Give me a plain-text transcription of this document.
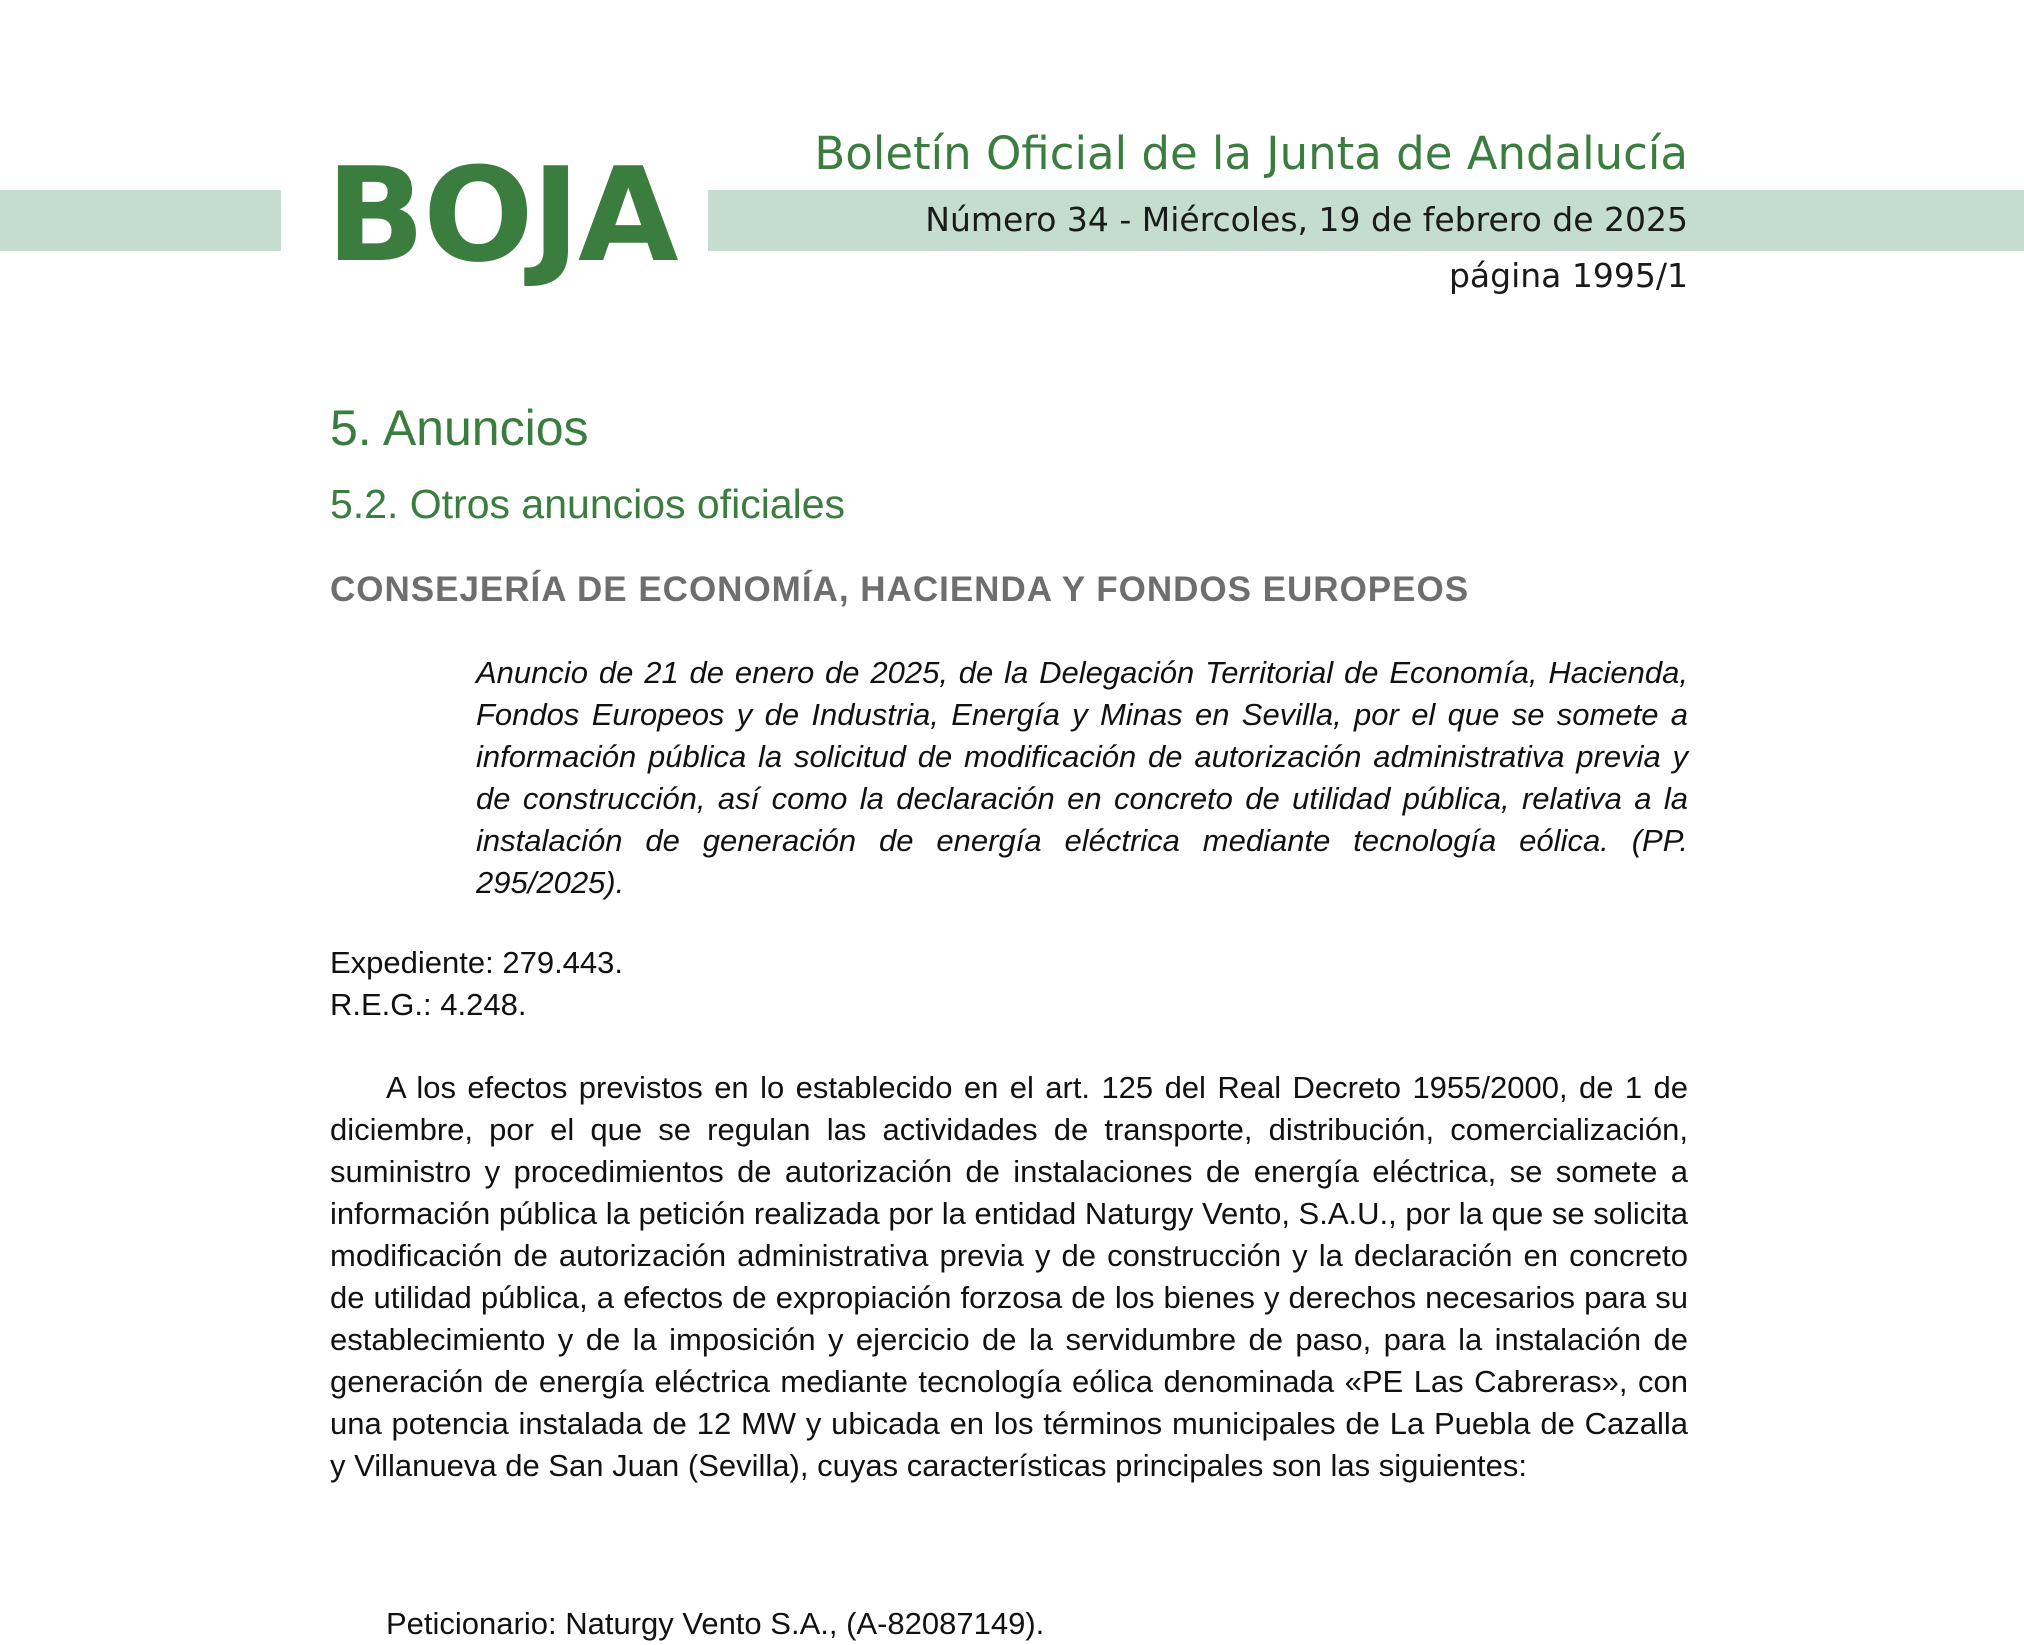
BOJA	Boletín Oficial de la Junta de Andalucía
Número 34 - Miércoles, 19 de febrero de 2025
página 1995/1
5. Anuncios
5.2. Otros anuncios oficiales
CONSEJERÍA DE ECONOMÍA, HACIENDA Y FONDOS EUROPEOS

Anuncio de 21 de enero de 2025, de la Delegación Territorial de Economía, Hacienda, Fondos Europeos y de Industria, Energía y Minas en Sevilla, por el que se somete a información pública la solicitud de modificación de autorización administrativa previa y de construcción, así como la declaración en concreto de utilidad pública, relativa a la instalación de generación de energía eléctrica mediante tecnología eólica. (PP. 295/2025).

Expediente: 279.443.
R.E.G.: 4.248.

A los efectos previstos en lo establecido en el art. 125 del Real Decreto 1955/2000, de 1 de diciembre, por el que se regulan las actividades de transporte, distribución, comercialización, suministro y procedimientos de autorización de instalaciones de energía eléctrica, se somete a información pública la petición realizada por la entidad Naturgy Vento, S.A.U., por la que se solicita modificación de autorización administrativa previa y de construcción y la declaración en concreto de utilidad pública, a efectos de expropiación forzosa de los bienes y derechos necesarios para su establecimiento y de la imposición y ejercicio de la servidumbre de paso, para la instalación de generación de energía eléctrica mediante tecnología eólica denominada «PE Las Cabreras», con una potencia instalada de 12 MW y ubicada en los términos municipales de La Puebla de Cazalla y Villanueva de San Juan (Sevilla), cuyas características principales son las siguientes:

Peticionario: Naturgy Vento S.A., (A-82087149).
